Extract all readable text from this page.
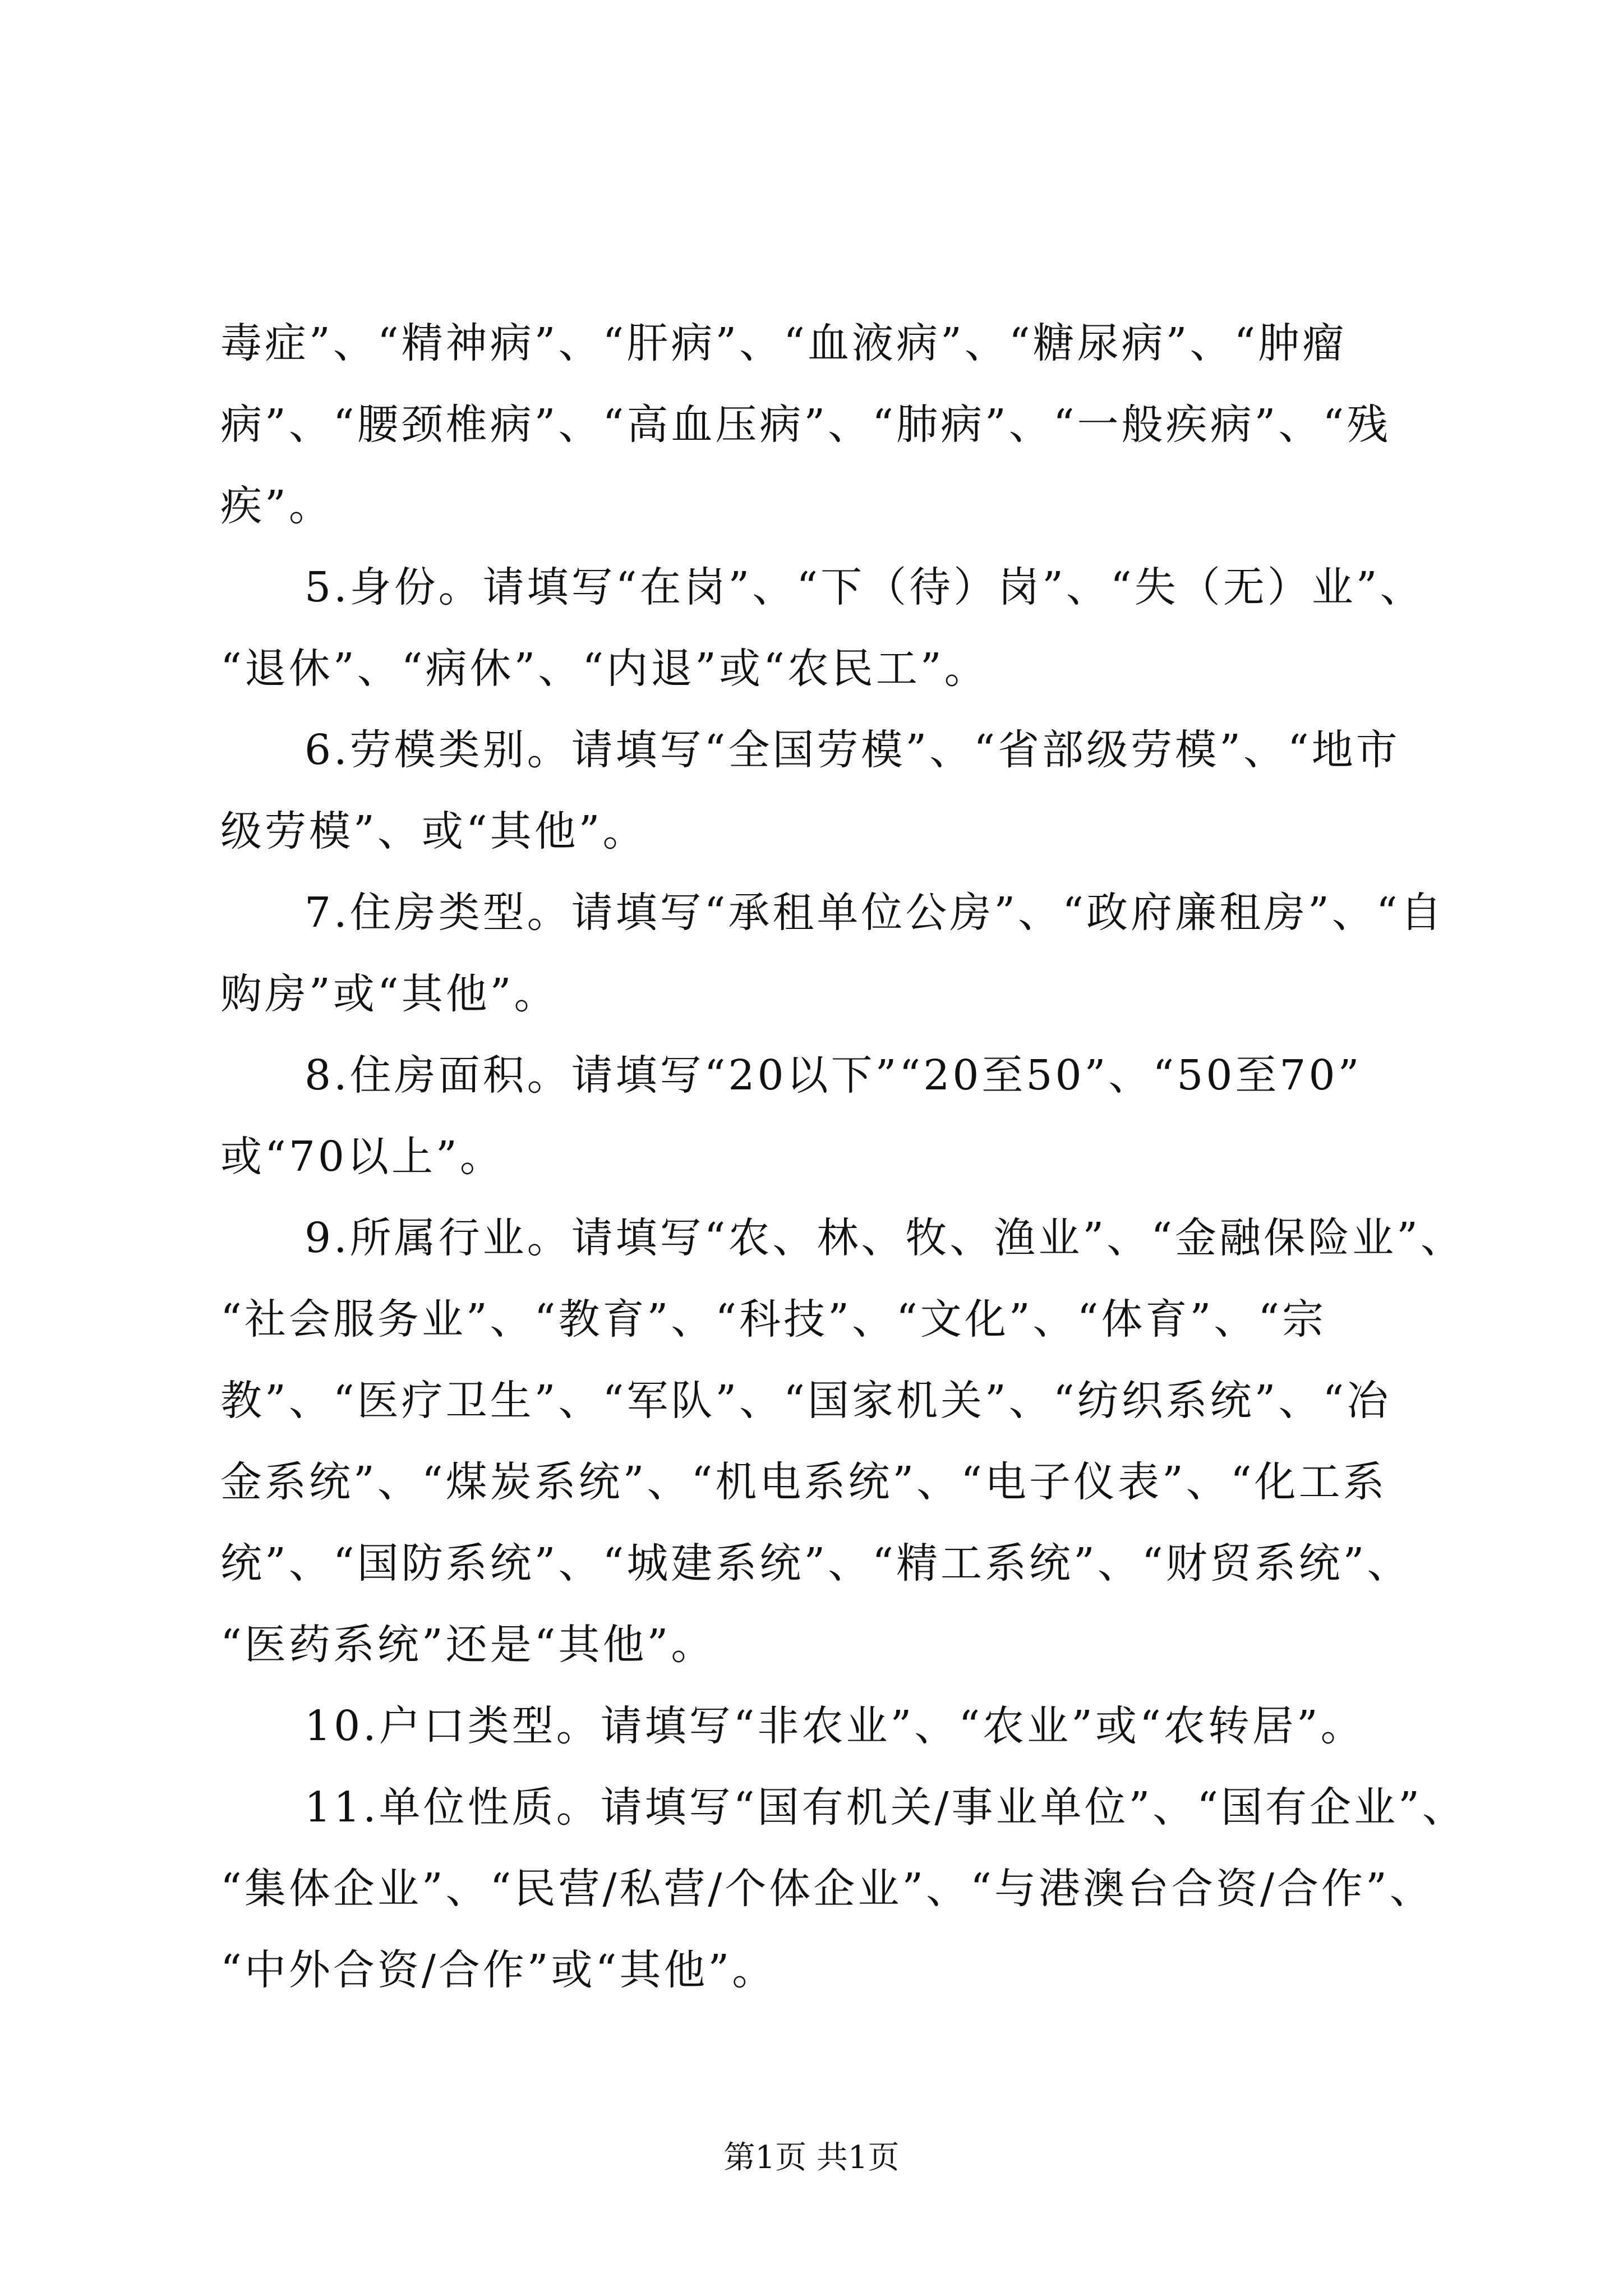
毒症”、“精神病”、“肝病”、“血液病”、“糖尿病”、“肿瘤
病”、“腰颈椎病”、“高血压病”、“肺病”、“一般疾病”、“残
疾”。
5.身份。请填写“在岗”、“下（待）岗”、“失（无）业”、
“退休”、“病休”、“内退”或“农民工”。
6.劳模类别。请填写“全国劳模”、“省部级劳模”、“地市
级劳模”、或“其他”。
7.住房类型。请填写“承租单位公房”、“政府廉租房”、“自
购房”或“其他”。
8.住房面积。请填写“20以下”“20至50”、“50至70”
或“70以上”。
9.所属行业。请填写“农、林、牧、渔业”、“金融保险业”、
“社会服务业”、“教育”、“科技”、“文化”、“体育”、“宗
教”、“医疗卫生”、“军队”、“国家机关”、“纺织系统”、“冶
金系统”、“煤炭系统”、“机电系统”、“电子仪表”、“化工系
统”、“国防系统”、“城建系统”、“精工系统”、“财贸系统”、
“医药系统”还是“其他”。
10.户口类型。请填写“非农业”、“农业”或“农转居”。
11.单位性质。请填写“国有机关/事业单位”、“国有企业”、
“集体企业”、“民营/私营/个体企业”、“与港澳台合资/合作”、
“中外合资/合作”或“其他”。
第1页 共1页
